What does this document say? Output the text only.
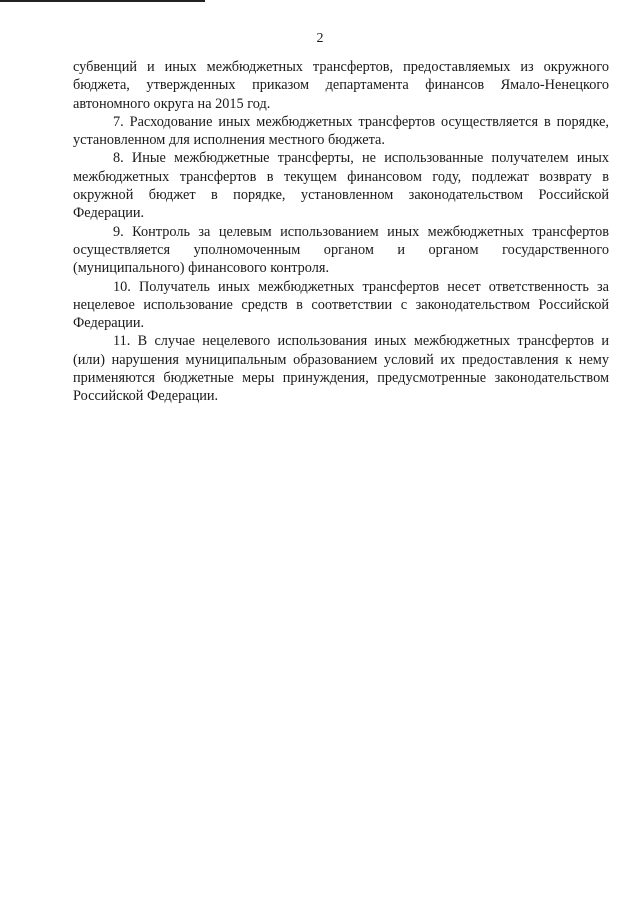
2

субвенций и иных межбюджетных трансфертов, предоставляемых из окружного бюджета, утвержденных приказом департамента финансов Ямало-Ненецкого автономного округа на 2015 год.

7. Расходование иных межбюджетных трансфертов осуществляется в порядке, установленном для исполнения местного бюджета.

8. Иные межбюджетные трансферты, не использованные получателем иных межбюджетных трансфертов в текущем финансовом году, подлежат возврату в окружной бюджет в порядке, установленном законодательством Российской Федерации.

9. Контроль за целевым использованием иных межбюджетных трансфертов осуществляется уполномоченным органом и органом государственного (муниципального) финансового контроля.

10. Получатель иных межбюджетных трансфертов несет ответственность за нецелевое использование средств в соответствии с законодательством Российской Федерации.

11. В случае нецелевого использования иных межбюджетных трансфертов и (или) нарушения муниципальным образованием условий их предоставления к нему применяются бюджетные меры принуждения, предусмотренные законодательством Российской Федерации.
